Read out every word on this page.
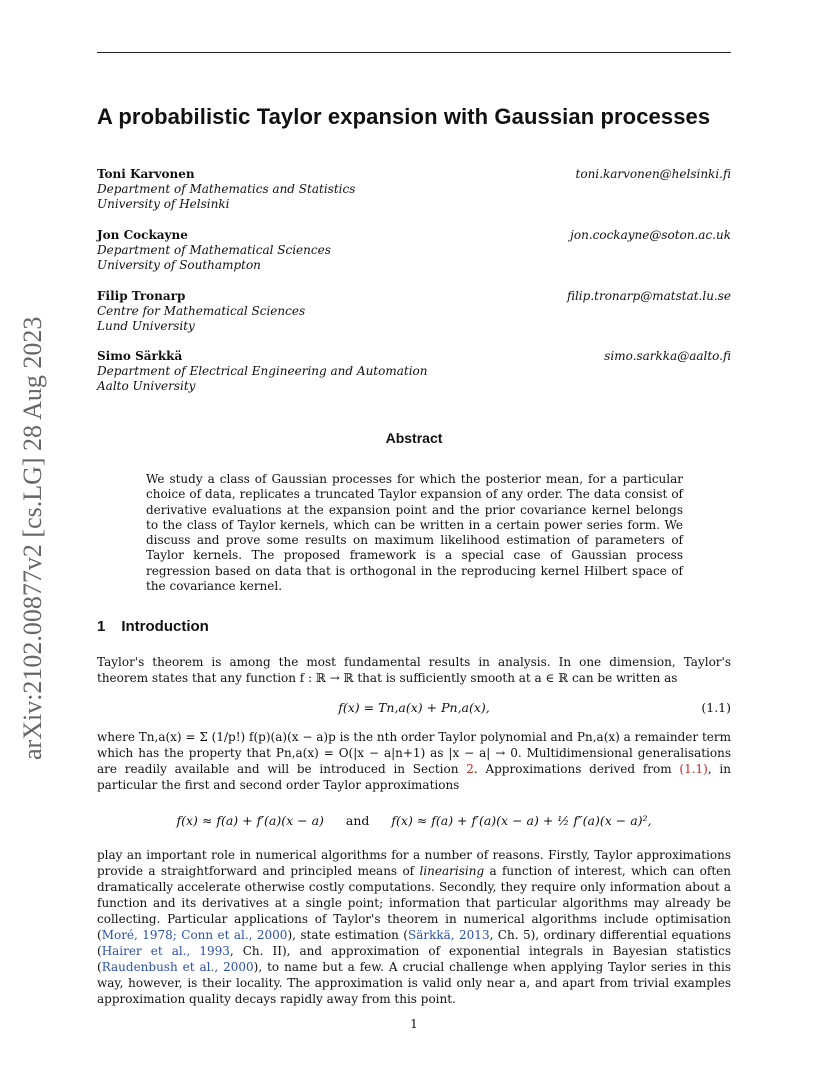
arXiv:2102.00877v2 [cs.LG] 28 Aug 2023
A probabilistic Taylor expansion with Gaussian processes
Toni Karvonen
Department of Mathematics and Statistics
University of Helsinki
toni.karvonen@helsinki.fi
Jon Cockayne
Department of Mathematical Sciences
University of Southampton
jon.cockayne@soton.ac.uk
Filip Tronarp
Centre for Mathematical Sciences
Lund University
filip.tronarp@matstat.lu.se
Simo Särkkä
Department of Electrical Engineering and Automation
Aalto University
simo.sarkka@aalto.fi
Abstract
We study a class of Gaussian processes for which the posterior mean, for a particular choice of data, replicates a truncated Taylor expansion of any order. The data consist of derivative evaluations at the expansion point and the prior covariance kernel belongs to the class of Taylor kernels, which can be written in a certain power series form. We discuss and prove some results on maximum likelihood estimation of parameters of Taylor kernels. The proposed framework is a special case of Gaussian process regression based on data that is orthogonal in the reproducing kernel Hilbert space of the covariance kernel.
1 Introduction
Taylor's theorem is among the most fundamental results in analysis. In one dimension, Taylor's theorem states that any function f : ℝ → ℝ that is sufficiently smooth at a ∈ ℝ can be written as
f(x) = Tn,a(x) + Pn,a(x),	(1.1)
where Tn,a(x) = Σ (1/p!) f(p)(a)(x − a)p is the nth order Taylor polynomial and Pn,a(x) a remainder term which has the property that Pn,a(x) = O(|x − a|n+1) as |x − a| → 0. Multidimensional generalisations are readily available and will be introduced in Section 2. Approximations derived from (1.1), in particular the first and second order Taylor approximations
f(x) ≈ f(a) + f′(a)(x − a) and f(x) ≈ f(a) + f′(a)(x − a) + ½ f″(a)(x − a)²,
play an important role in numerical algorithms for a number of reasons. Firstly, Taylor approximations provide a straightforward and principled means of linearising a function of interest, which can often dramatically accelerate otherwise costly computations. Secondly, they require only information about a function and its derivatives at a single point; information that particular algorithms may already be collecting. Particular applications of Taylor's theorem in numerical algorithms include optimisation (Moré, 1978; Conn et al., 2000), state estimation (Särkkä, 2013, Ch. 5), ordinary differential equations (Hairer et al., 1993, Ch. II), and approximation of exponential integrals in Bayesian statistics (Raudenbush et al., 2000), to name but a few. A crucial challenge when applying Taylor series in this way, however, is their locality. The approximation is valid only near a, and apart from trivial examples approximation quality decays rapidly away from this point.
1
